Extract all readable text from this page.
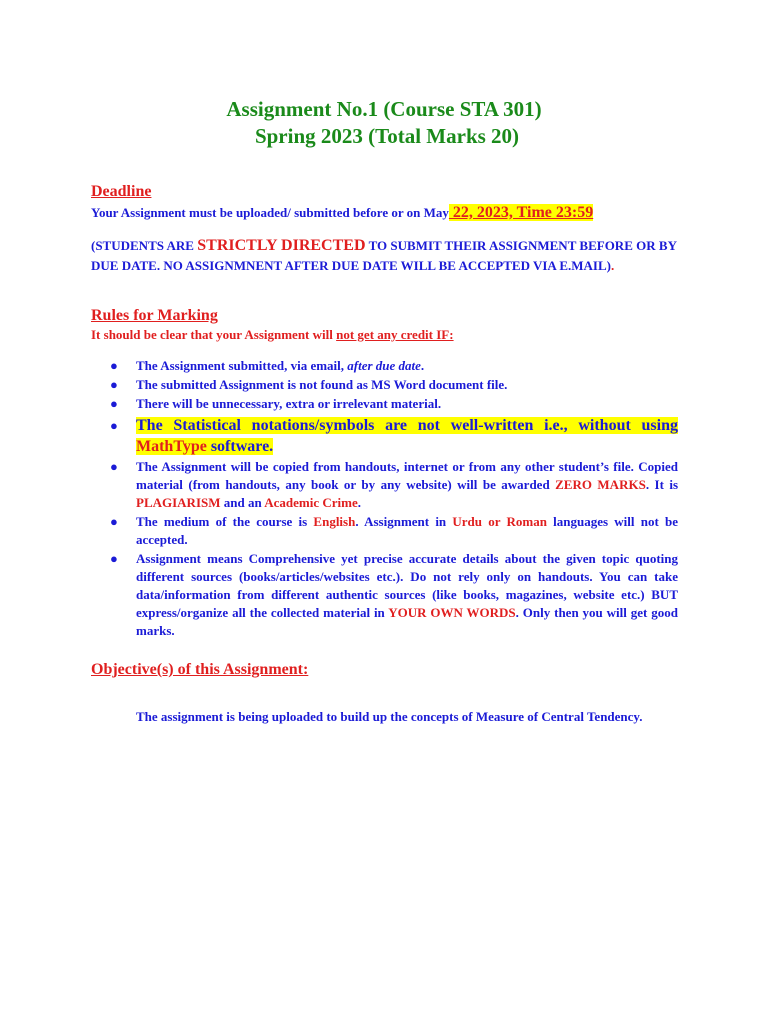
Assignment No.1 (Course STA 301)
Spring 2023 (Total Marks 20)
Deadline
Your Assignment must be uploaded/ submitted before or on May 22, 2023, Time 23:59
(STUDENTS ARE STRICTLY DIRECTED TO SUBMIT THEIR ASSIGNMENT BEFORE OR BY DUE DATE. NO ASSIGNMNENT AFTER DUE DATE WILL BE ACCEPTED VIA E.MAIL).
Rules for Marking
It should be clear that your Assignment will not get any credit IF:
● The Assignment submitted, via email, after due date.
● The submitted Assignment is not found as MS Word document file.
● There will be unnecessary, extra or irrelevant material.
● The Statistical notations/symbols are not well-written i.e., without using MathType software.
● The Assignment will be copied from handouts, internet or from any other student’s file. Copied material (from handouts, any book or by any website) will be awarded ZERO MARKS. It is PLAGIARISM and an Academic Crime.
● The medium of the course is English. Assignment in Urdu or Roman languages will not be accepted.
● Assignment means Comprehensive yet precise accurate details about the given topic quoting different sources (books/articles/websites etc.). Do not rely only on handouts. You can take data/information from different authentic sources (like books, magazines, website etc.) BUT express/organize all the collected material in YOUR OWN WORDS. Only then you will get good marks.
Objective(s) of this Assignment:
The assignment is being uploaded to build up the concepts of Measure of Central Tendency.
